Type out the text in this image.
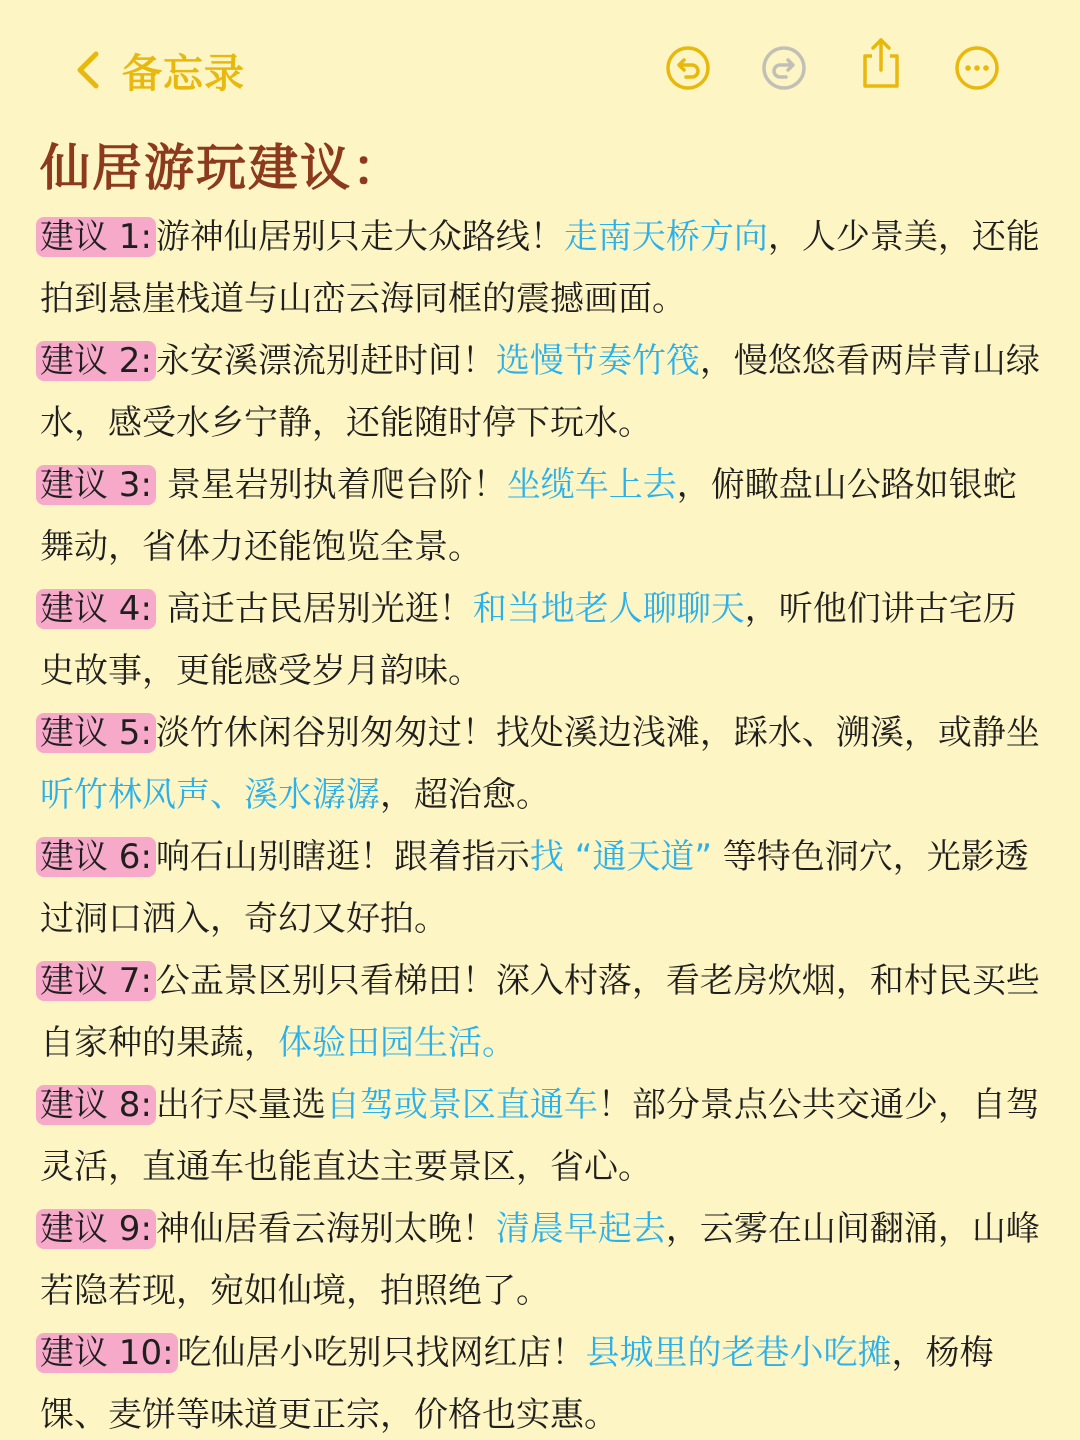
备忘录
仙居游玩建议：
建议 1: 游神仙居别只走大众路线！走南天桥方向，人少景美，还能拍到悬崖栈道与山峦云海同框的震撼画面。
建议 2: 永安溪漂流别赶时间！选慢节奏竹筏，慢悠悠看两岸青山绿水，感受水乡宁静，还能随时停下玩水。
建议 3: 景星岩别执着爬台阶！坐缆车上去，俯瞰盘山公路如银蛇舞动，省体力还能饱览全景。
建议 4: 高迁古民居别光逛！和当地老人聊聊天，听他们讲古宅历史故事，更能感受岁月韵味。
建议 5: 淡竹休闲谷别匆匆过！找处溪边浅滩，踩水、溯溪，或静坐听竹林风声、溪水潺潺，超治愈。
建议 6: 响石山别瞎逛！跟着指示找 “通天道” 等特色洞穴，光影透过洞口洒入，奇幻又好拍。
建议 7: 公盂景区别只看梯田！深入村落，看老房炊烟，和村民买些自家种的果蔬，体验田园生活。
建议 8: 出行尽量选自驾或景区直通车！部分景点公共交通少，自驾灵活，直通车也能直达主要景区，省心。
建议 9: 神仙居看云海别太晚！清晨早起去，云雾在山间翻涌，山峰若隐若现，宛如仙境，拍照绝了。
建议 10: 吃仙居小吃别只找网红店！县城里的老巷小吃摊，杨梅馃、麦饼等味道更正宗，价格也实惠。
